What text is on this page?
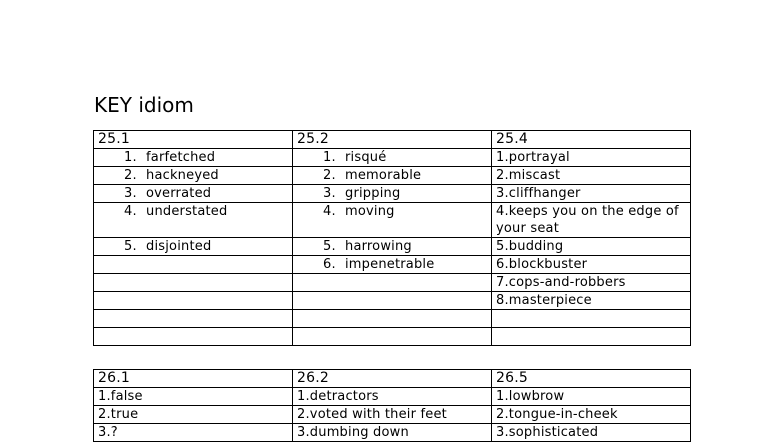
KEY idiom
25.1	25.2	25.4
1. farfetched	1. risqué	1.portrayal
2. hackneyed	2. memorable	2.miscast
3. overrated	3. gripping	3.cliffhanger
4. understated	4. moving	4.keeps you on the edge of your seat
5. disjointed	5. harrowing	5.budding
	6. impenetrable	6.blockbuster
		7.cops-and-robbers
		8.masterpiece

26.1	26.2	26.5
1.false	1.detractors	1.lowbrow
2.true	2.voted with their feet	2.tongue-in-cheek
3.?	3.dumbing down	3.sophisticated
